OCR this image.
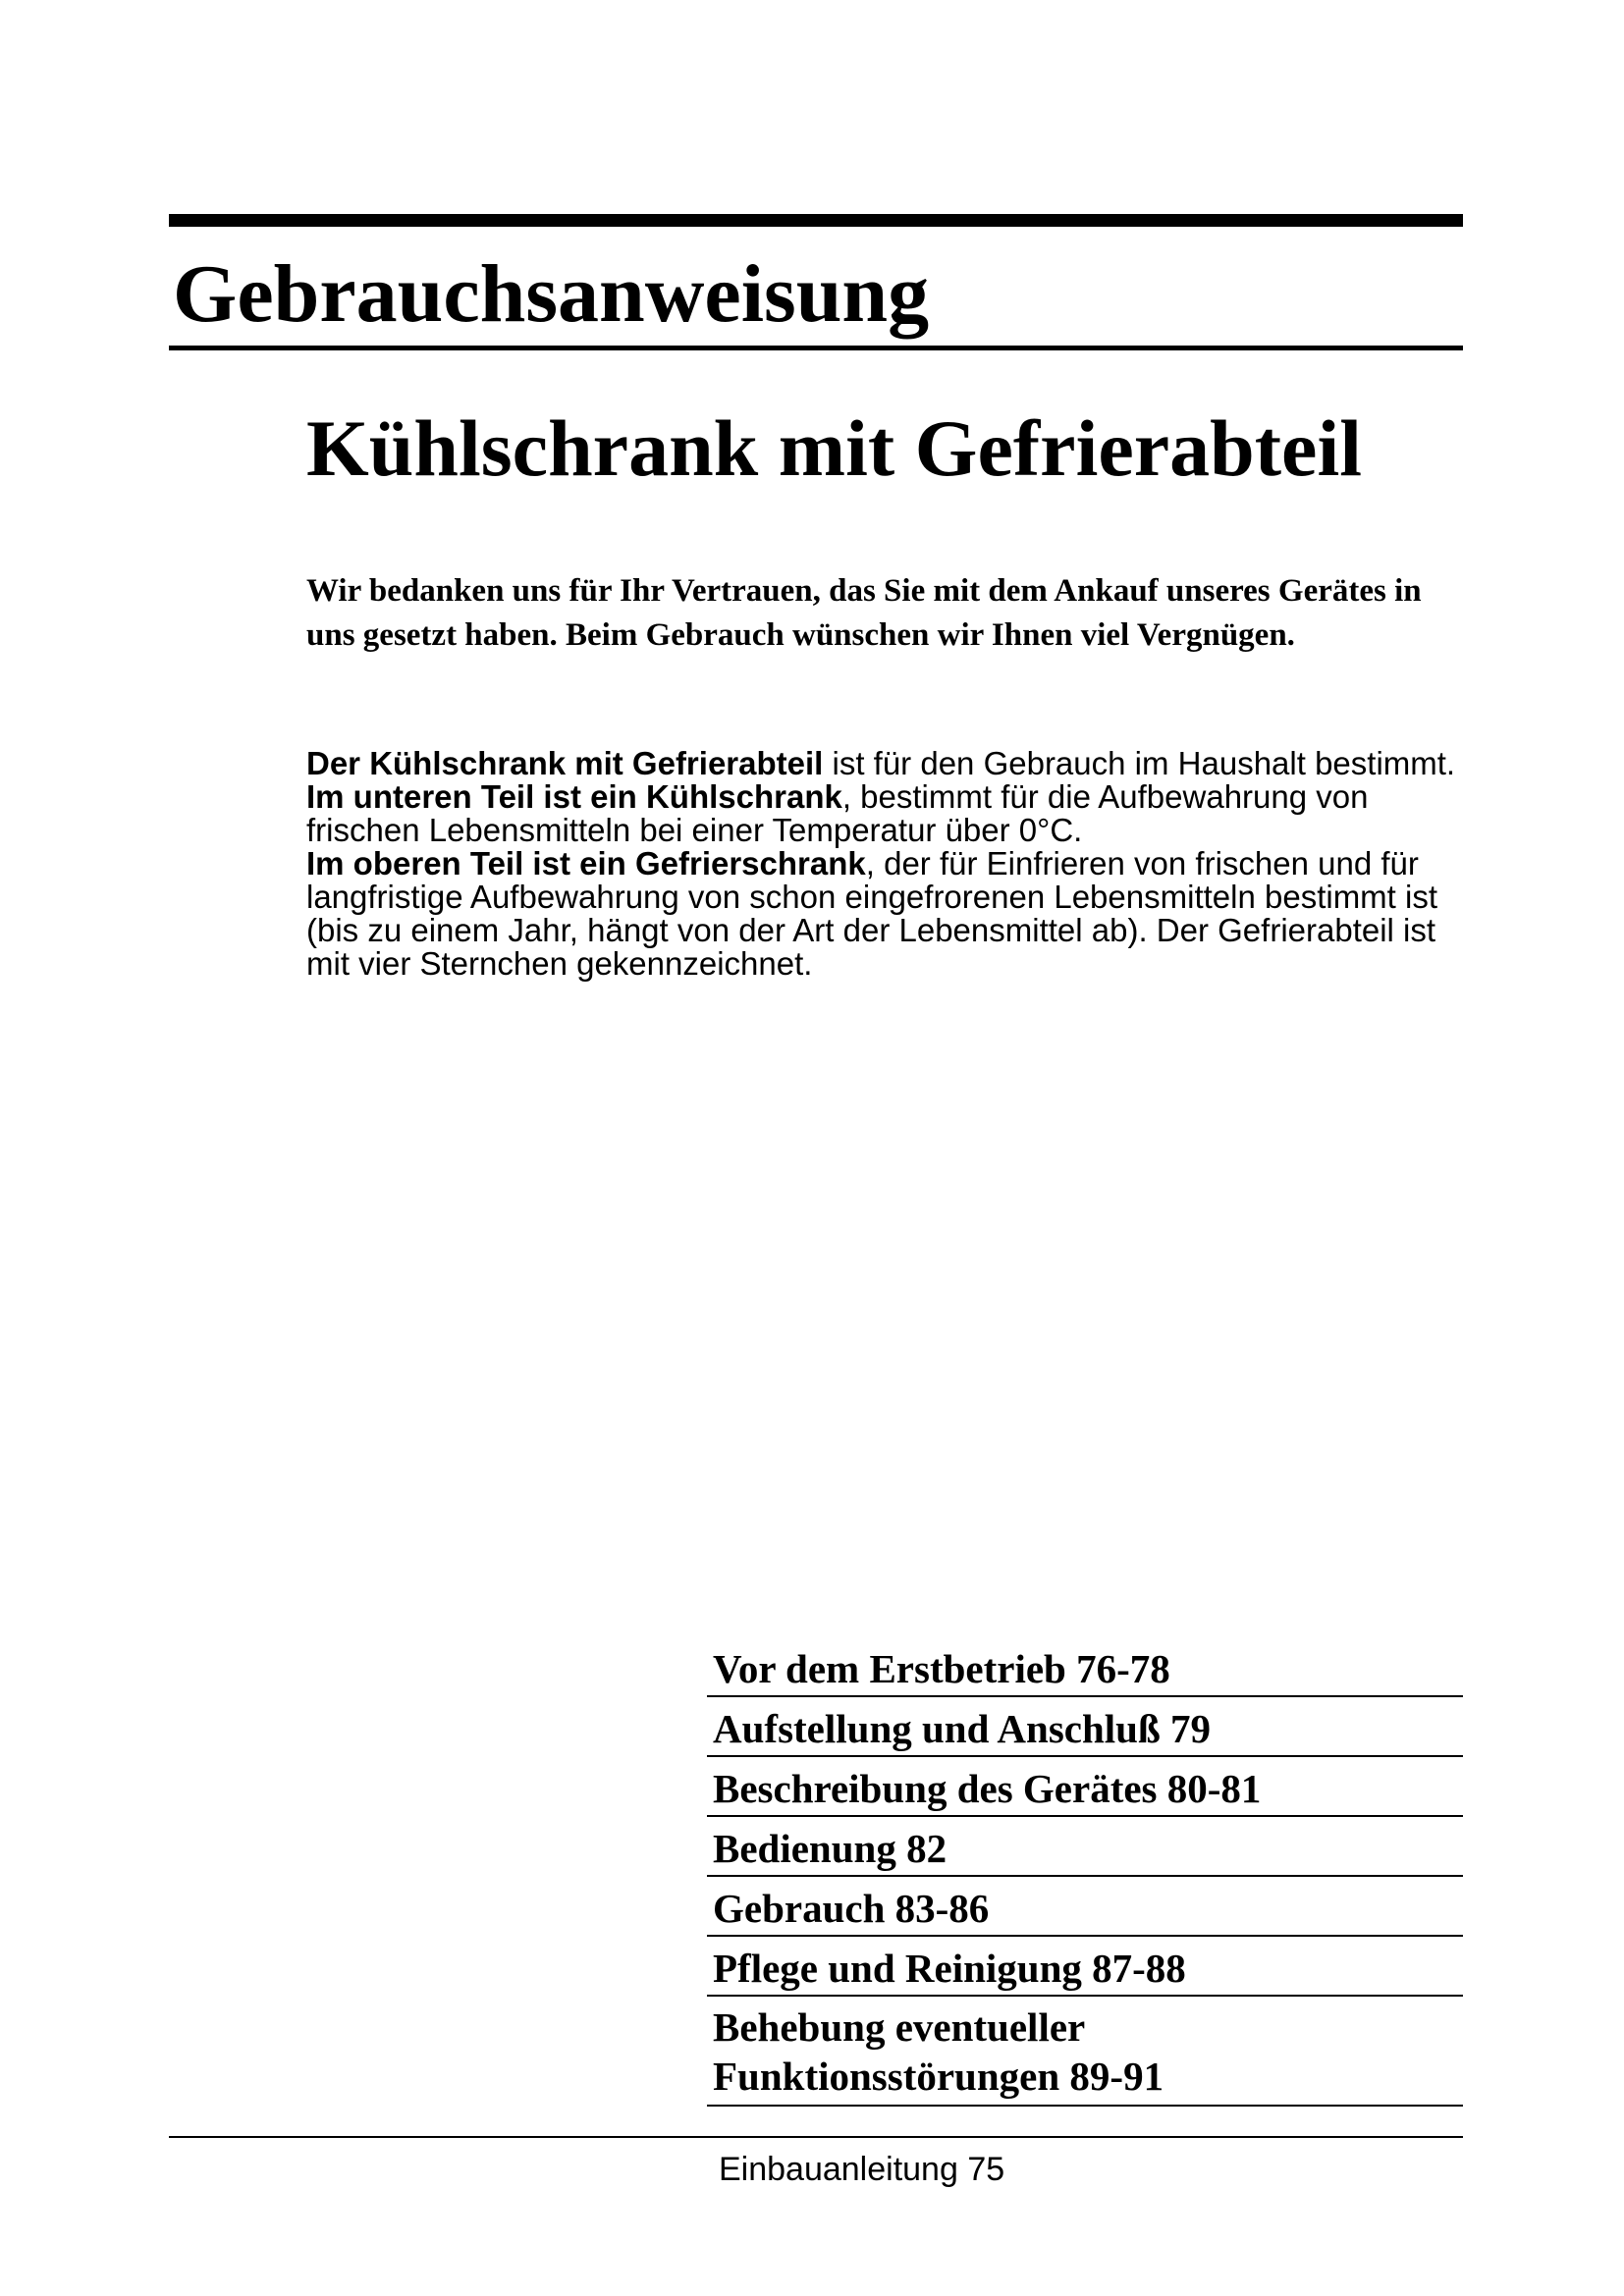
Gebrauchsanweisung
Kühlschrank mit Gefrierabteil

Wir bedanken uns für Ihr Vertrauen, das Sie mit dem Ankauf unseres Gerätes in uns gesetzt haben. Beim Gebrauch wünschen wir Ihnen viel Vergnügen.

Der Kühlschrank mit Gefrierabteil ist für den Gebrauch im Haushalt bestimmt.

Im unteren Teil ist ein Kühlschrank, bestimmt für die Aufbewahrung von frischen Lebensmitteln bei einer Temperatur über 0°C.

Im oberen Teil ist ein Gefrierschrank, der für Einfrieren von frischen und für langfristige Aufbewahrung von schon eingefrorenen Lebensmitteln bestimmt ist (bis zu einem Jahr, hängt von der Art der Lebensmittel ab). Der Gefrierabteil ist mit vier Sternchen gekennzeichnet.

Vor dem Erstbetrieb 76-78
Aufstellung und Anschluß 79
Beschreibung des Gerätes 80-81
Bedienung 82
Gebrauch 83-86
Pflege und Reinigung 87-88
Behebung eventueller
Funktionsstörungen 89-91

Einbauanleitung 75
